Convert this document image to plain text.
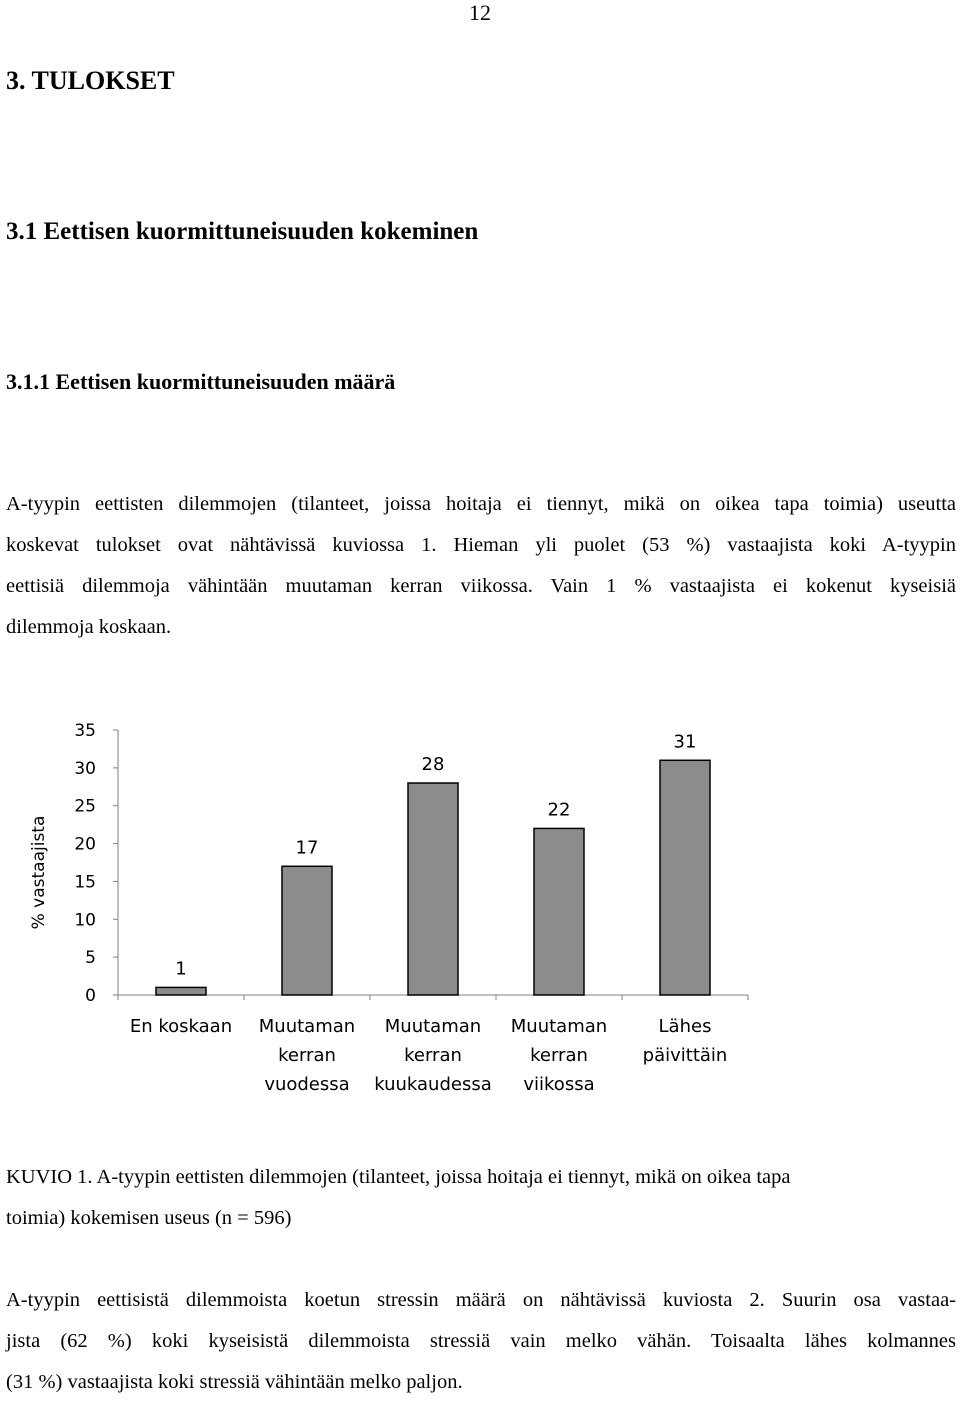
12
3. TULOKSET
3.1 Eettisen kuormittuneisuuden kokeminen
3.1.1 Eettisen kuormittuneisuuden määrä
A-tyypin eettisten dilemmojen (tilanteet, joissa hoitaja ei tiennyt, mikä on oikea tapa toimia) useutta
koskevat tulokset ovat nähtävissä kuviossa 1. Hieman yli puolet (53 %) vastaajista koki A-tyypin
eettisiä dilemmoja vähintään muutaman kerran viikossa. Vain 1 % vastaajista ei kokenut kyseisiä
dilemmoja koskaan.
0
5
10
15
20
25
30
35
% vastaajista
1
En koskaan
17
Muutaman
kerran
vuodessa
28
Muutaman
kerran
kuukaudessa
22
Muutaman
kerran
viikossa
31
Lähes
päivittäin
KUVIO 1. A-tyypin eettisten dilemmojen (tilanteet, joissa hoitaja ei tiennyt, mikä on oikea tapa
toimia) kokemisen useus (n = 596)
A-tyypin eettisistä dilemmoista koetun stressin määrä on nähtävissä kuviosta 2. Suurin osa vastaa-
jista (62 %) koki kyseisistä dilemmoista stressiä vain melko vähän. Toisaalta lähes kolmannes
(31 %) vastaajista koki stressiä vähintään melko paljon.
